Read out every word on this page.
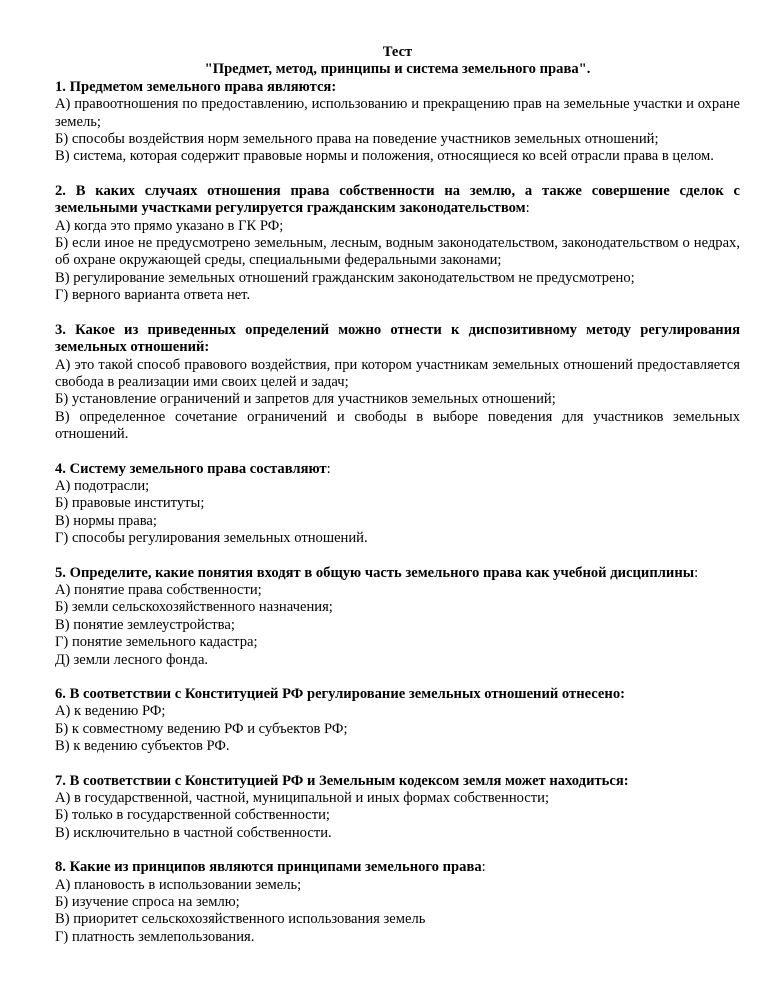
Тест

"Предмет, метод, принципы и система земельного права".

1. Предметом земельного права являются:

А) правоотношения по предоставлению, использованию и прекращению прав на земельные участки и охране земель;

Б) способы воздействия норм земельного права на поведение участников земельных отношений;

В) система, которая содержит правовые нормы и положения, относящиеся ко всей отрасли права в целом.

2. В каких случаях отношения права собственности на землю, а также совершение сделок с земельными участками регулируется гражданским законодательством:

А) когда это прямо указано в ГК РФ;

Б) если иное не предусмотрено земельным, лесным, водным законодательством, законодательством о недрах, об охране окружающей среды, специальными федеральными законами;

В) регулирование земельных отношений гражданским законодательством не предусмотрено;

Г) верного варианта ответа нет.

3. Какое из приведенных определений можно отнести к диспозитивному методу регулирования земельных отношений:

А) это такой способ правового воздействия, при котором участникам земельных отношений предоставляется свобода в реализации ими своих целей и задач;

Б) установление ограничений и запретов для участников земельных отношений;

В) определенное сочетание ограничений и свободы в выборе поведения для участников земельных отношений.

4. Систему земельного права составляют:

А) подотрасли;

Б) правовые институты;

В) нормы права;

Г) способы регулирования земельных отношений.

5. Определите, какие понятия входят в общую часть земельного права как учебной дисциплины:

А) понятие права собственности;

Б) земли сельскохозяйственного назначения;

В) понятие землеустройства;

Г) понятие земельного кадастра;

Д) земли лесного фонда.

6. В соответствии с Конституцией РФ регулирование земельных отношений отнесено:

А) к ведению РФ;

Б) к совместному ведению РФ и субъектов РФ;

В) к ведению субъектов РФ.

7. В соответствии с Конституцией РФ и Земельным кодексом земля может находиться:

А) в государственной, частной, муниципальной и иных формах собственности;

Б) только в государственной собственности;

В) исключительно в частной собственности.

8. Какие из принципов являются принципами земельного права:

А) плановость в использовании земель;

Б) изучение спроса на землю;

В) приоритет сельскохозяйственного использования земель

Г) платность землепользования.
